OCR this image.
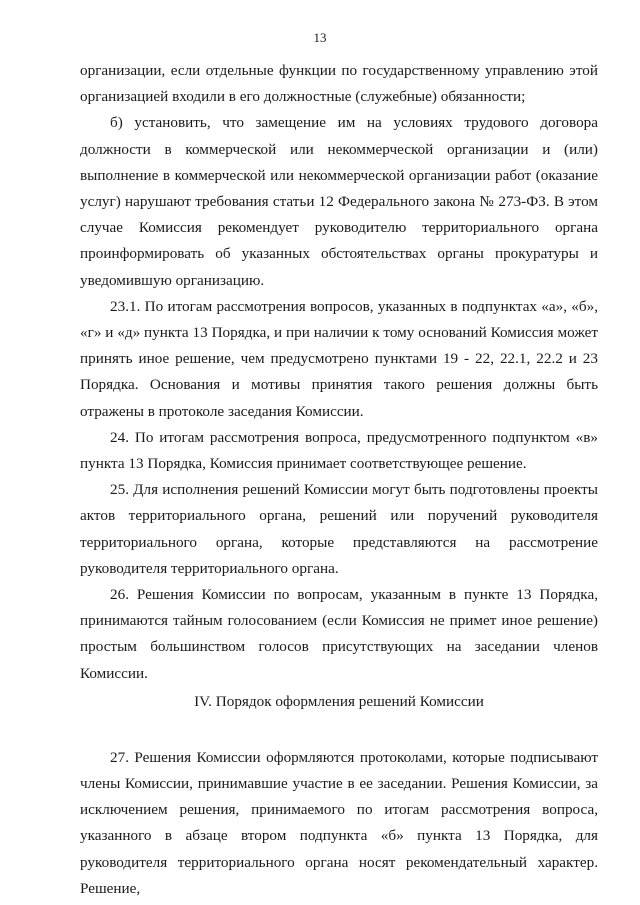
13

организации, если отдельные функции по государственному управлению этой организацией входили в его должностные (служебные) обязанности;

б) установить, что замещение им на условиях трудового договора должности в коммерческой или некоммерческой организации и (или) выполнение в коммерческой или некоммерческой организации работ (оказание услуг) нарушают требования статьи 12 Федерального закона № 273-ФЗ. В этом случае Комиссия рекомендует руководителю территориального органа проинформировать об указанных обстоятельствах органы прокуратуры и уведомившую организацию.

23.1. По итогам рассмотрения вопросов, указанных в подпунктах «а», «б», «г» и «д» пункта 13 Порядка, и при наличии к тому оснований Комиссия может принять иное решение, чем предусмотрено пунктами 19 - 22, 22.1, 22.2 и 23 Порядка. Основания и мотивы принятия такого решения должны быть отражены в протоколе заседания Комиссии.

24. По итогам рассмотрения вопроса, предусмотренного подпунктом «в» пункта 13 Порядка, Комиссия принимает соответствующее решение.

25. Для исполнения решений Комиссии могут быть подготовлены проекты актов территориального органа, решений или поручений руководителя территориального органа, которые представляются на рассмотрение руководителя территориального органа.

26. Решения Комиссии по вопросам, указанным в пункте 13 Порядка, принимаются тайным голосованием (если Комиссия не примет иное решение) простым большинством голосов присутствующих на заседании членов Комиссии.

IV. Порядок оформления решений Комиссии

27. Решения Комиссии оформляются протоколами, которые подписывают члены Комиссии, принимавшие участие в ее заседании. Решения Комиссии, за исключением решения, принимаемого по итогам рассмотрения вопроса, указанного в абзаце втором подпункта «б» пункта 13 Порядка, для руководителя территориального органа носят рекомендательный характер. Решение,
